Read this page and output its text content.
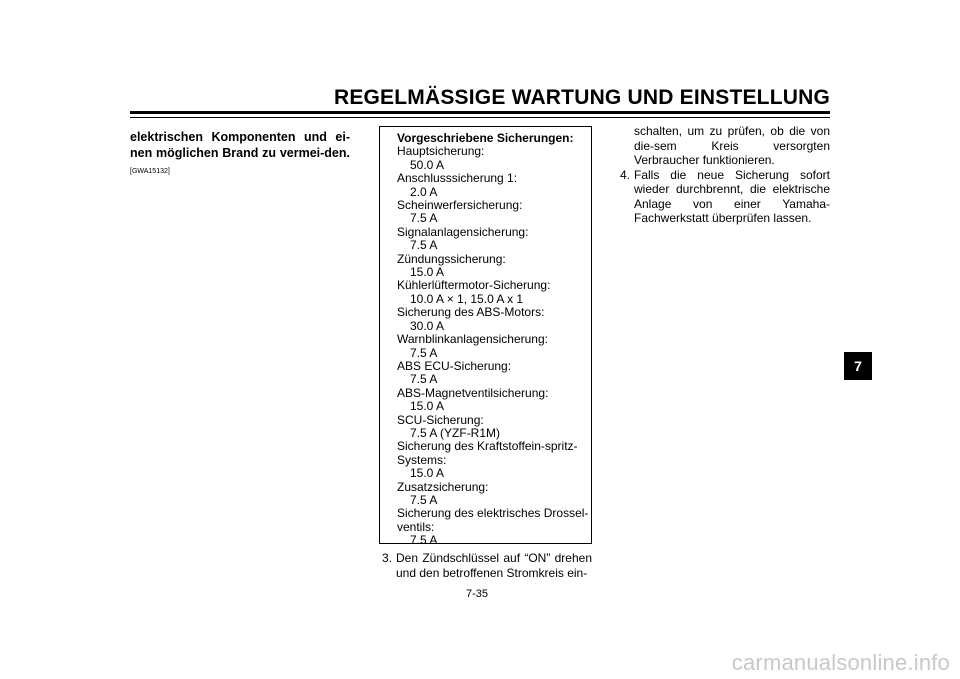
REGELMÄSSIGE WARTUNG UND EINSTELLUNG
elektrischen Komponenten und ei-nen möglichen Brand zu vermei-den.[GWA15132]
Vorgeschriebene Sicherungen:
Hauptsicherung:
50.0 A
Anschlusssicherung 1:
2.0 A
Scheinwerfersicherung:
7.5 A
Signalanlagensicherung:
7.5 A
Zündungssicherung:
15.0 A
Kühlerlüftermotor-Sicherung:
10.0 A × 1, 15.0 A x 1
Sicherung des ABS-Motors:
30.0 A
Warnblinkanlagensicherung:
7.5 A
ABS ECU-Sicherung:
7.5 A
ABS-Magnetventilsicherung:
15.0 A
SCU-Sicherung:
7.5 A (YZF-R1M)
Sicherung des Kraftstoffein-spritz-Systems:
15.0 A
Zusatzsicherung:
7.5 A
Sicherung des elektrisches Drossel-ventils:
7.5 A
3. Den Zündschlüssel auf “ON” drehen und den betroffenen Stromkreis ein-
schalten, um zu prüfen, ob die von die-sem Kreis versorgten Verbraucher funktionieren.
4. Falls die neue Sicherung sofort wieder durchbrennt, die elektrische Anlage von einer Yamaha-Fachwerkstatt überprüfen lassen.
7-35
7
carmanualsonline.info
